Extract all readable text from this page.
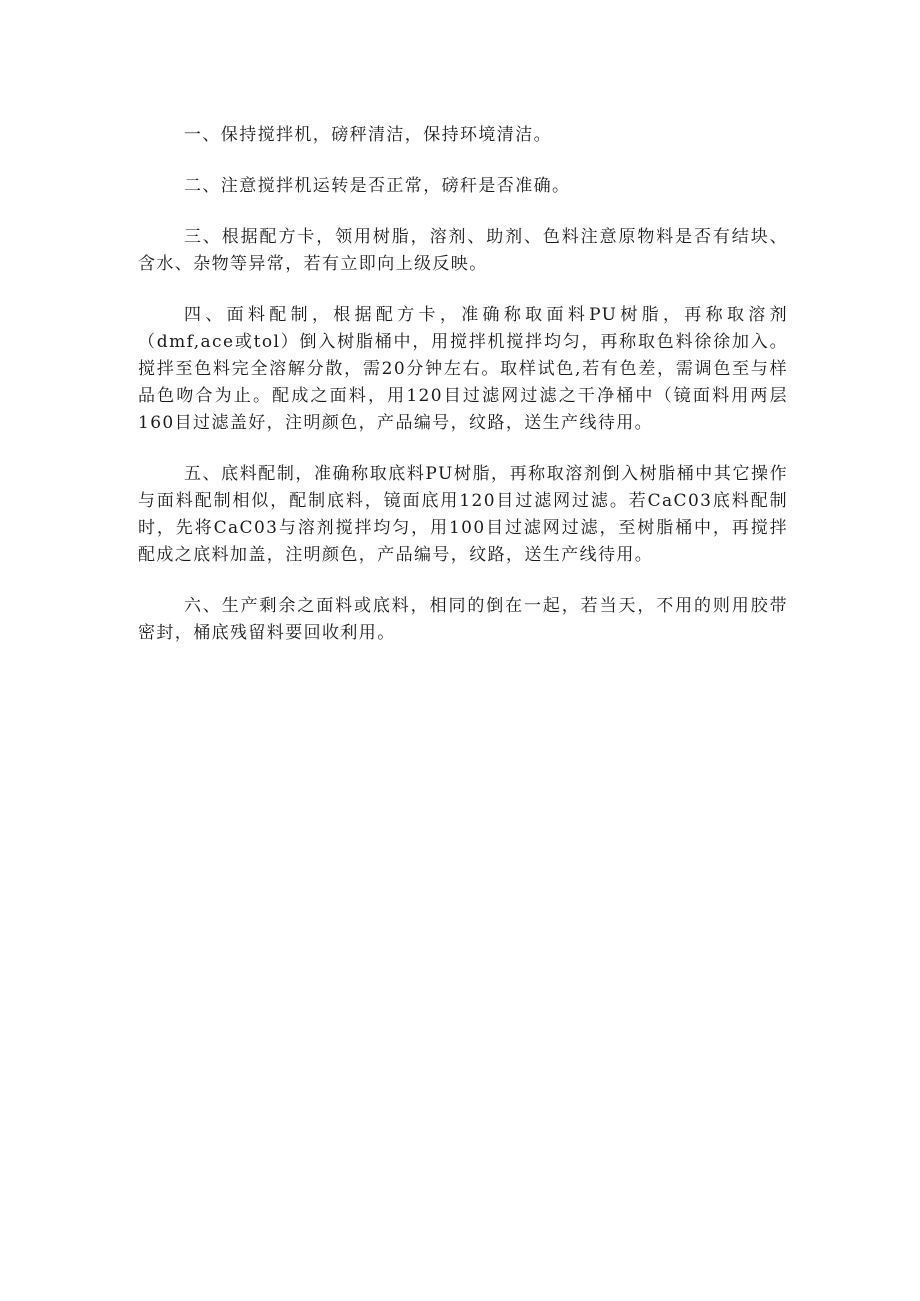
一、保持搅拌机，磅秤清洁，保持环境清洁。

二、注意搅拌机运转是否正常，磅秆是否准确。

三、根据配方卡，领用树脂，溶剂、助剂、色料注意原物料是否有结块、含水、杂物等异常，若有立即向上级反映。

四、面料配制，根据配方卡，准确称取面料PU树脂，再称取溶剂（dmf,ace或tol）倒入树脂桶中，用搅拌机搅拌均匀，再称取色料徐徐加入。搅拌至色料完全溶解分散，需20分钟左右。取样试色,若有色差，需调色至与样品色吻合为止。配成之面料，用120目过滤网过滤之干净桶中（镜面料用两层160目过滤盖好，注明颜色，产品编号，纹路，送生产线待用。

五、底料配制，准确称取底料PU树脂，再称取溶剂倒入树脂桶中其它操作与面料配制相似，配制底料，镜面底用120目过滤网过滤。若CaC03底料配制时，先将CaC03与溶剂搅拌均匀，用100目过滤网过滤，至树脂桶中，再搅拌配成之底料加盖，注明颜色，产品编号，纹路，送生产线待用。

六、生产剩余之面料或底料，相同的倒在一起，若当天，不用的则用胶带密封，桶底残留料要回收利用。
